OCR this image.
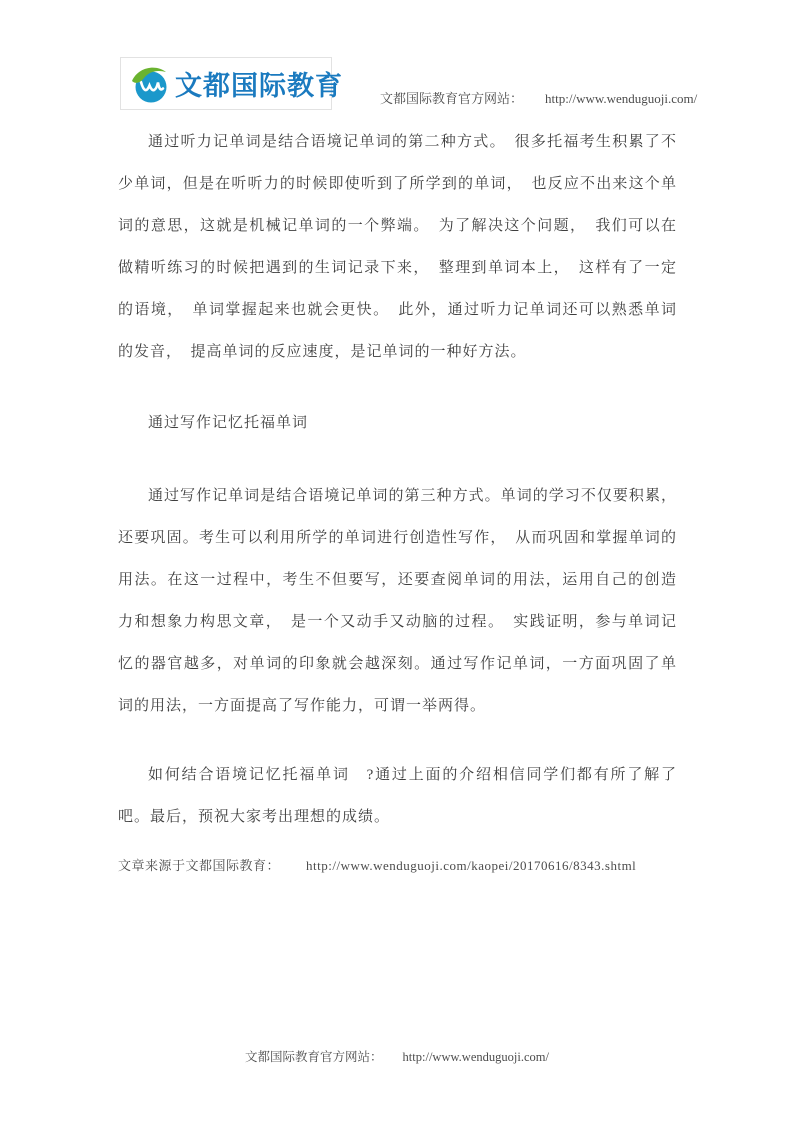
文都国际教育	文都国际教育官方网站： http://www.wenduguoji.com/

通过听力记单词是结合语境记单词的第二种方式。　很多托福考生积累了不少单词，但是在听听力的时候即使听到了所学到的单词，　也反应不出来这个单词的意思，这就是机械记单词的一个弊端。　为了解决这个问题，　我们可以在做精听练习的时候把遇到的生词记录下来，　整理到单词本上，　这样有了一定的语境，　单词掌握起来也就会更快。　此外，通过听力记单词还可以熟悉单词的发音，　提高单词的反应速度，是记单词的一种好方法。

通过写作记忆托福单词

通过写作记单词是结合语境记单词的第三种方式。单词的学习不仅要积累，还要巩固。考生可以利用所学的单词进行创造性写作，　从而巩固和掌握单词的用法。在这一过程中，考生不但要写，还要查阅单词的用法，运用自己的创造力和想象力构思文章，　是一个又动手又动脑的过程。　实践证明，参与单词记忆的器官越多，对单词的印象就会越深刻。通过写作记单词，一方面巩固了单词的用法，一方面提高了写作能力，可谓一举两得。

如何结合语境记忆托福单词　?通过上面的介绍相信同学们都有所了解了吧。最后，预祝大家考出理想的成绩。

文章来源于文都国际教育： http://www.wenduguoji.com/kaopei/20170616/8343.shtml

文都国际教育官方网站： http://www.wenduguoji.com/
